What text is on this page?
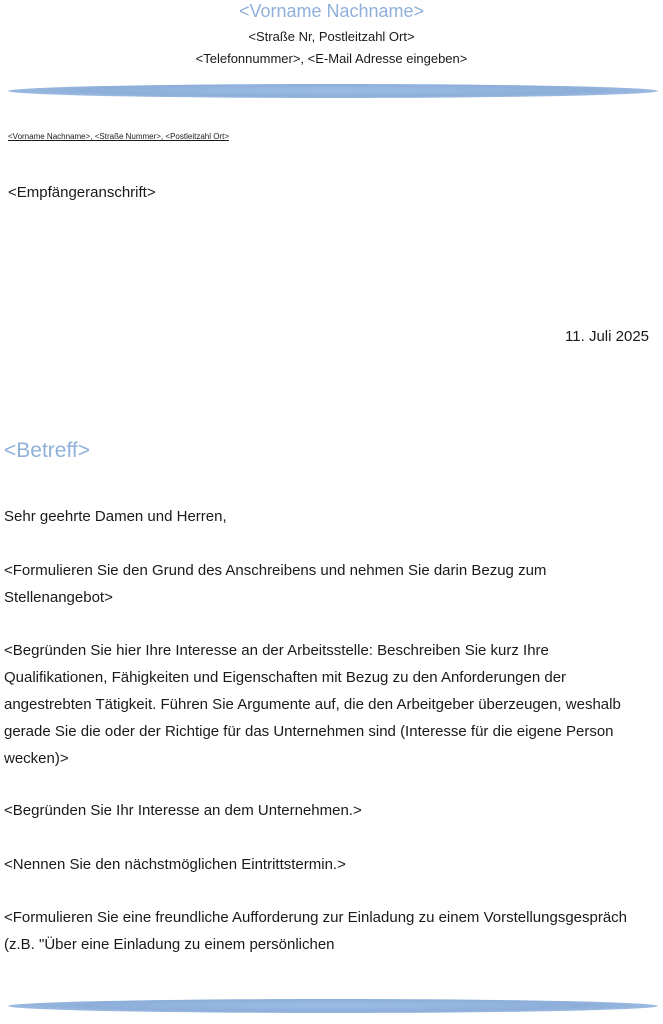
<Vorname Nachname>
<Straße Nr, Postleitzahl Ort>
<Telefonnummer>, <E-Mail Adresse eingeben>
<Vorname Nachname>, <Straße Nummer>, <Postleitzahl Ort>
<Empfängeranschrift>
11. Juli 2025
<Betreff>

Sehr geehrte Damen und Herren,

<Formulieren Sie den Grund des Anschreibens und nehmen Sie darin Bezug zum Stellenangebot>

<Begründen Sie hier Ihre Interesse an der Arbeitsstelle: Beschreiben Sie kurz Ihre Qualifikationen, Fähigkeiten und Eigenschaften mit Bezug zu den Anforderungen der angestrebten Tätigkeit. Führen Sie Argumente auf, die den Arbeitgeber überzeugen, weshalb gerade Sie die oder der Richtige für das Unternehmen sind (Interesse für die eigene Person wecken)>

<Begründen Sie Ihr Interesse an dem Unternehmen.>

<Nennen Sie den nächstmöglichen Eintrittstermin.>

<Formulieren Sie eine freundliche Aufforderung zur Einladung zu einem Vorstellungsgespräch (z.B. "Über eine Einladung zu einem persönlichen
